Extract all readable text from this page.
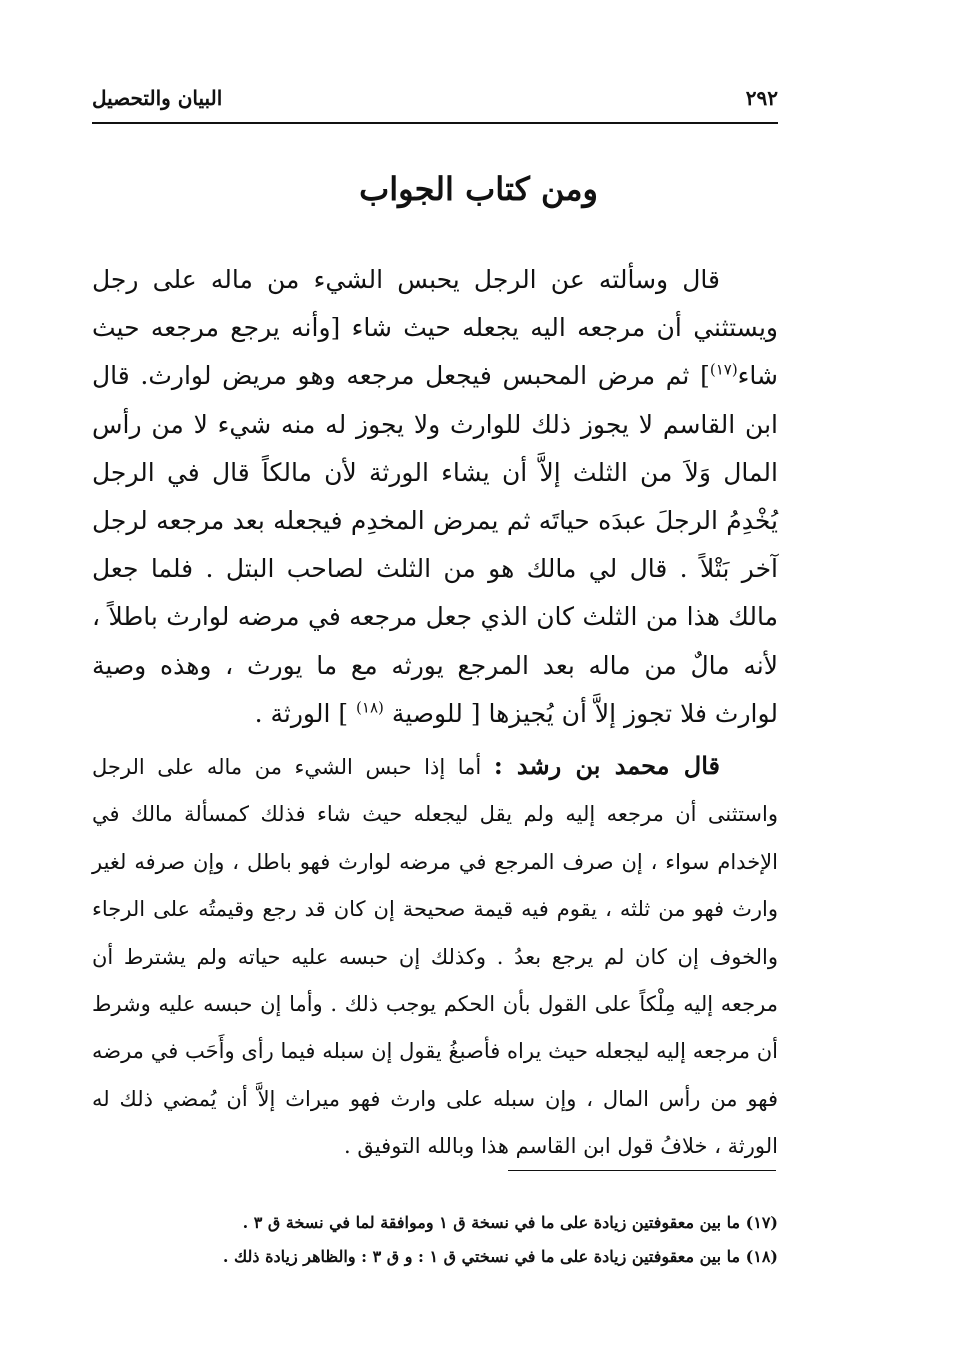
٢٩٢
البيان والتحصيل
ومن كتاب الجواب
قال وسألته عن الرجل يحبس الشيء من ماله على رجل ويستثني أن مرجعه اليه يجعله حيث شاء [وأنه يرجع مرجعه حيث شاء$^{(١٧)}$] ثم مرض المحبس فيجعل مرجعه وهو مريض لوارث. قال ابن القاسم لا يجوز ذلك للوارث ولا يجوز له منه شيء لا من رأس المال وَلاَ من الثلث إلاَّ أن يشاء الورثة لأن مالكاً قال في الرجل يُخْدِمُ الرجلَ عبدَه حياتَه ثم يمرض المخدِم فيجعله بعد مرجعه لرجل آخر بَتْلاً . قال لي مالك هو من الثلث لصاحب البتل . فلما جعل مالك هذا من الثلث كان الذي جعل مرجعه في مرضه لوارث باطلاً ، لأنه مالٌ من ماله بعد المرجع يورثه مع ما يورث ، وهذه وصية لوارث فلا تجوز إلاَّ أن يُجيزها [ للوصية $^{(١٨)}$ ] الورثة .
قال محمد بن رشد : أما إذا حبس الشيء من ماله على الرجل واستثنى أن مرجعه إليه ولم يقل ليجعله حيث شاء فذلك كمسألة مالك في الإخدام سواء ، إن صرف المرجع في مرضه لوارث فهو باطل ، وإن صرفه لغير وارث فهو من ثلثه ، يقوم فيه قيمة صحيحة إن كان قد رجع وقيمتُه على الرجاء والخوف إن كان لم يرجع بعدُ . وكذلك إن حبسه عليه حياته ولم يشترط أن مرجعه إليه مِلْكاً على القول بأن الحكم يوجب ذلك . وأما إن حبسه عليه وشرط أن مرجعه إليه ليجعله حيث يراه فأصبغُ يقول إن سبله فيما رأى وأَحَب في مرضه فهو من رأس المال ، وإن سبله على وارث فهو ميراث إلاَّ أن يُمضي ذلك له الورثة ، خلافُ قول ابن القاسم هذا وبالله التوفيق .
(١٧) ما بين معقوفتين زيادة على ما في نسخة ق ١ وموافقة لما في نسخة ق ٣ .
(١٨) ما بين معقوفتين زيادة على ما في نسختي ق ١ : و ق ٣ : والظاهر زيادة ذلك .
